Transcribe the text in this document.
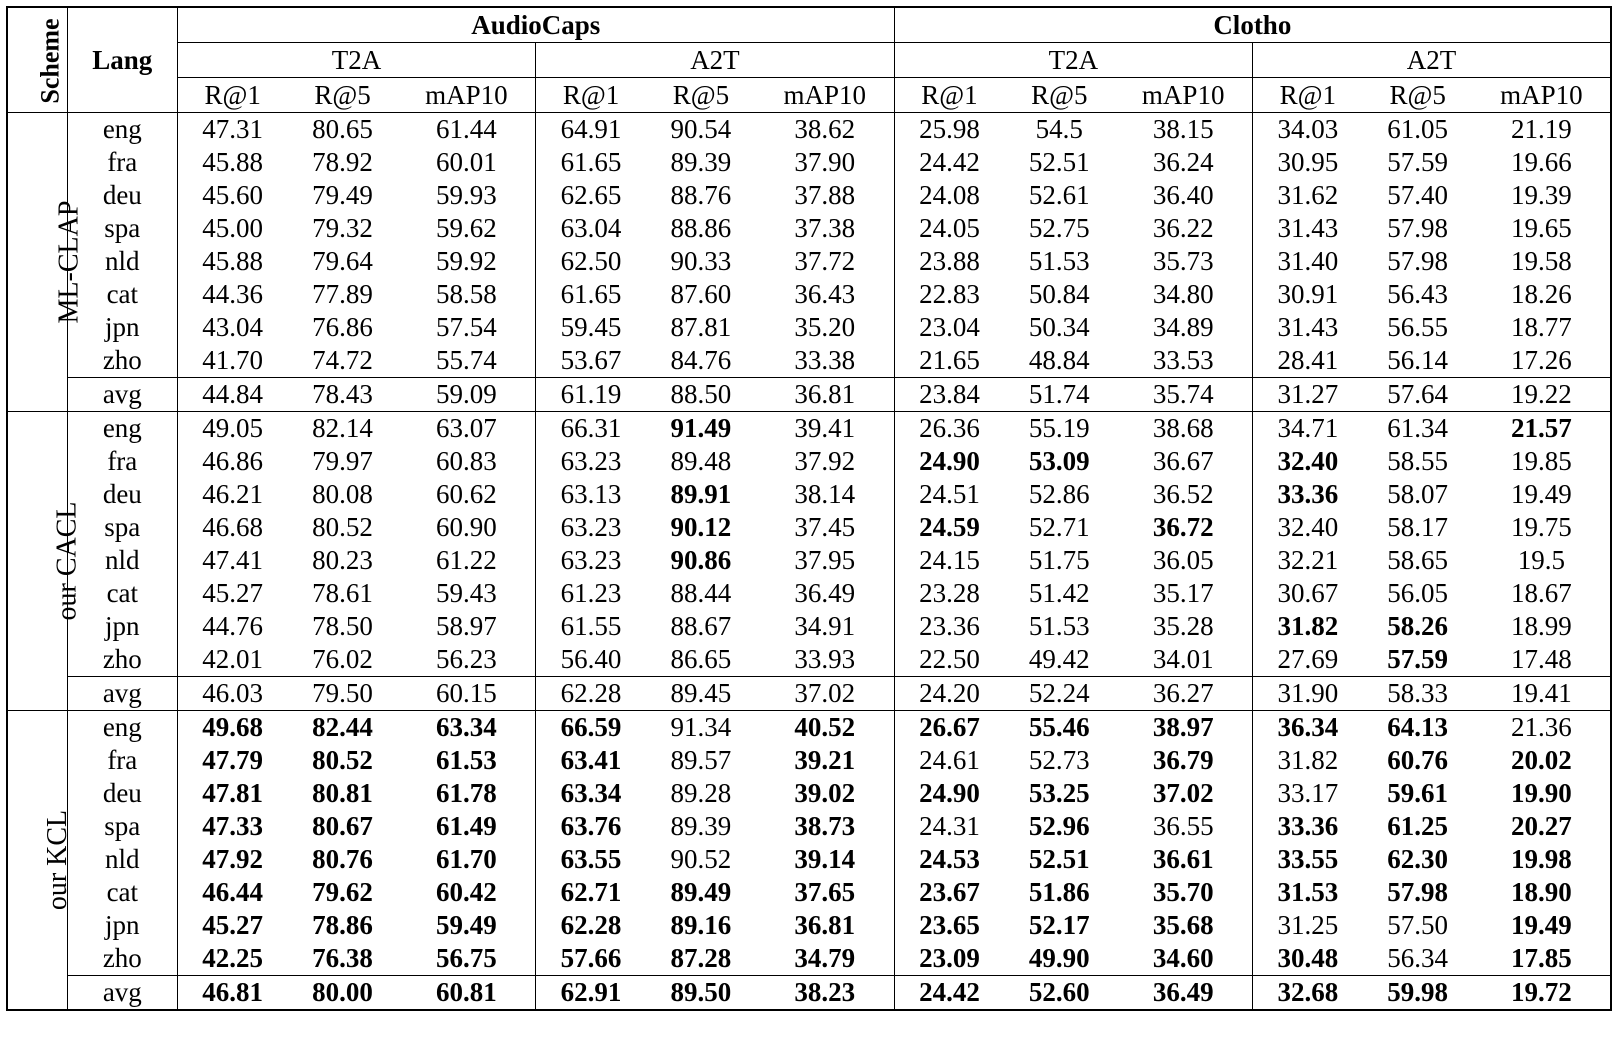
Scheme	Lang	AudioCaps						Clotho					
		T2A			A2T			T2A			A2T		
		R@1	R@5	mAP10	R@1	R@5	mAP10	R@1	R@5	mAP10	R@1	R@5	mAP10
ML-CLAP	eng	47.31	80.65	61.44	64.91	90.54	38.62	25.98	54.5	38.15	34.03	61.05	21.19
	fra	45.88	78.92	60.01	61.65	89.39	37.90	24.42	52.51	36.24	30.95	57.59	19.66
	deu	45.60	79.49	59.93	62.65	88.76	37.88	24.08	52.61	36.40	31.62	57.40	19.39
	spa	45.00	79.32	59.62	63.04	88.86	37.38	24.05	52.75	36.22	31.43	57.98	19.65
	nld	45.88	79.64	59.92	62.50	90.33	37.72	23.88	51.53	35.73	31.40	57.98	19.58
	cat	44.36	77.89	58.58	61.65	87.60	36.43	22.83	50.84	34.80	30.91	56.43	18.26
	jpn	43.04	76.86	57.54	59.45	87.81	35.20	23.04	50.34	34.89	31.43	56.55	18.77
	zho	41.70	74.72	55.74	53.67	84.76	33.38	21.65	48.84	33.53	28.41	56.14	17.26
	avg	44.84	78.43	59.09	61.19	88.50	36.81	23.84	51.74	35.74	31.27	57.64	19.22
our CACL	eng	49.05	82.14	63.07	66.31	91.49	39.41	26.36	55.19	38.68	34.71	61.34	21.57
	fra	46.86	79.97	60.83	63.23	89.48	37.92	24.90	53.09	36.67	32.40	58.55	19.85
	deu	46.21	80.08	60.62	63.13	89.91	38.14	24.51	52.86	36.52	33.36	58.07	19.49
	spa	46.68	80.52	60.90	63.23	90.12	37.45	24.59	52.71	36.72	32.40	58.17	19.75
	nld	47.41	80.23	61.22	63.23	90.86	37.95	24.15	51.75	36.05	32.21	58.65	19.5
	cat	45.27	78.61	59.43	61.23	88.44	36.49	23.28	51.42	35.17	30.67	56.05	18.67
	jpn	44.76	78.50	58.97	61.55	88.67	34.91	23.36	51.53	35.28	31.82	58.26	18.99
	zho	42.01	76.02	56.23	56.40	86.65	33.93	22.50	49.42	34.01	27.69	57.59	17.48
	avg	46.03	79.50	60.15	62.28	89.45	37.02	24.20	52.24	36.27	31.90	58.33	19.41
our KCL	eng	49.68	82.44	63.34	66.59	91.34	40.52	26.67	55.46	38.97	36.34	64.13	21.36
	fra	47.79	80.52	61.53	63.41	89.57	39.21	24.61	52.73	36.79	31.82	60.76	20.02
	deu	47.81	80.81	61.78	63.34	89.28	39.02	24.90	53.25	37.02	33.17	59.61	19.90
	spa	47.33	80.67	61.49	63.76	89.39	38.73	24.31	52.96	36.55	33.36	61.25	20.27
	nld	47.92	80.76	61.70	63.55	90.52	39.14	24.53	52.51	36.61	33.55	62.30	19.98
	cat	46.44	79.62	60.42	62.71	89.49	37.65	23.67	51.86	35.70	31.53	57.98	18.90
	jpn	45.27	78.86	59.49	62.28	89.16	36.81	23.65	52.17	35.68	31.25	57.50	19.49
	zho	42.25	76.38	56.75	57.66	87.28	34.79	23.09	49.90	34.60	30.48	56.34	17.85
	avg	46.81	80.00	60.81	62.91	89.50	38.23	24.42	52.60	36.49	32.68	59.98	19.72
